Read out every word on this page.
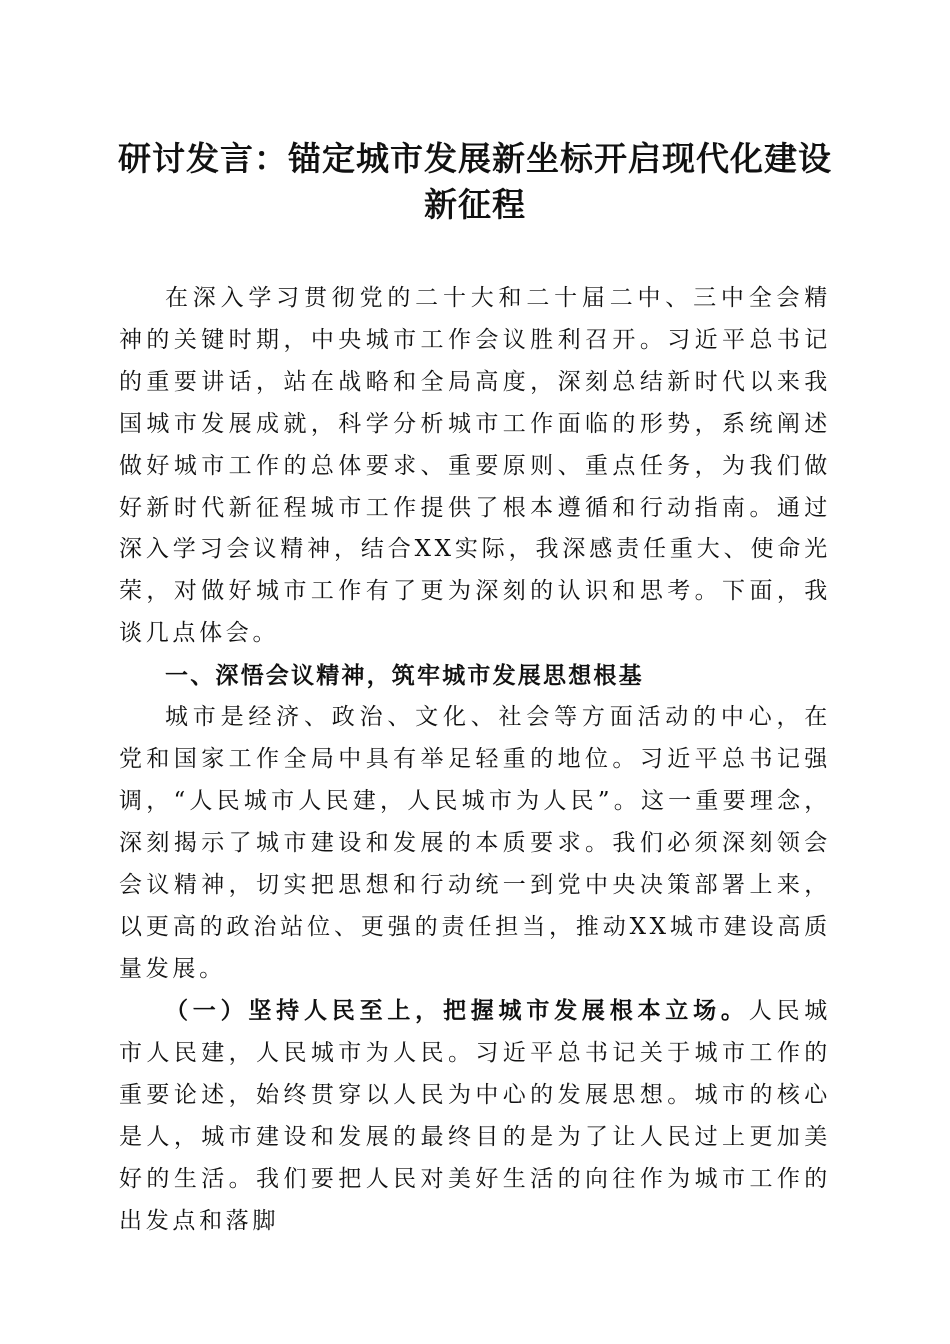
研讨发言：锚定城市发展新坐标开启现代化建设新征程

在深入学习贯彻党的二十大和二十届二中、三中全会精神的关键时期，中央城市工作会议胜利召开。习近平总书记的重要讲话，站在战略和全局高度，深刻总结新时代以来我国城市发展成就，科学分析城市工作面临的形势，系统阐述做好城市工作的总体要求、重要原则、重点任务，为我们做好新时代新征程城市工作提供了根本遵循和行动指南。通过深入学习会议精神，结合XX实际，我深感责任重大、使命光荣，对做好城市工作有了更为深刻的认识和思考。下面，我谈几点体会。

一、深悟会议精神，筑牢城市发展思想根基

城市是经济、政治、文化、社会等方面活动的中心，在党和国家工作全局中具有举足轻重的地位。习近平总书记强调，“人民城市人民建，人民城市为人民”。这一重要理念，深刻揭示了城市建设和发展的本质要求。我们必须深刻领会会议精神，切实把思想和行动统一到党中央决策部署上来，以更高的政治站位、更强的责任担当，推动XX城市建设高质量发展。

（一）坚持人民至上，把握城市发展根本立场。人民城市人民建，人民城市为人民。习近平总书记关于城市工作的重要论述，始终贯穿以人民为中心的发展思想。城市的核心是人，城市建设和发展的最终目的是为了让人民过上更加美好的生活。我们要把人民对美好生活的向往作为城市工作的出发点和落脚
